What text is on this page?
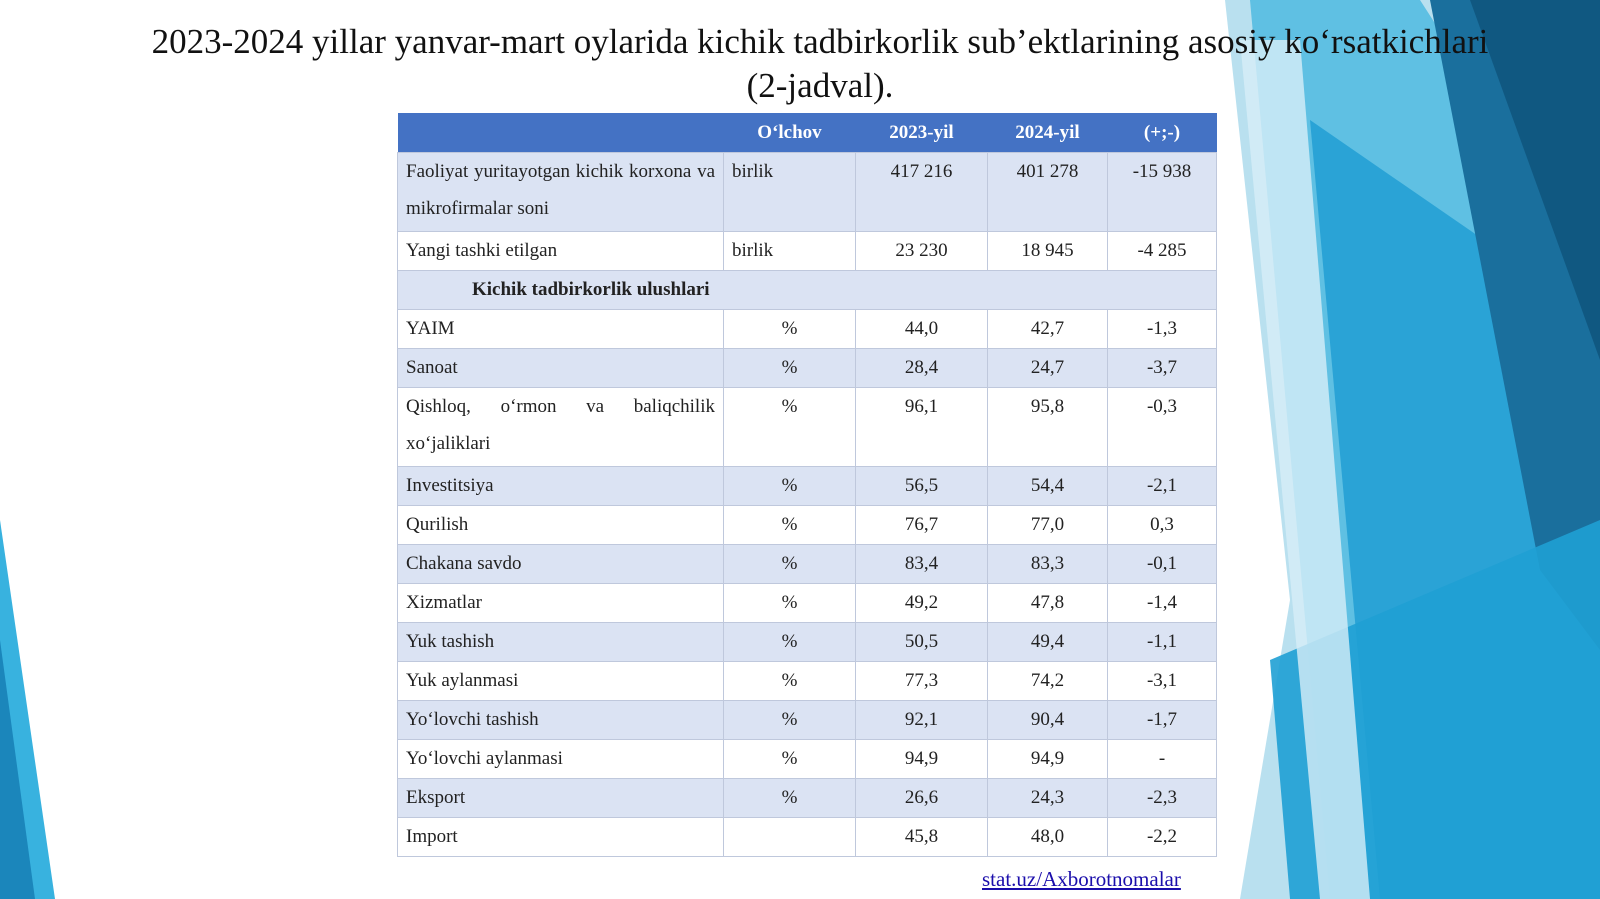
2023-2024 yillar yanvar-mart oylarida kichik tadbirkorlik sub’ektlarining asosiy ko‘rsatkichlari
(2-jadval).
	O‘lchov	2023-yil	2024-yil	(+;-)
Faoliyat yuritayotgan kichik korxona va mikrofirmalar soni	birlik	417 216	401 278	-15 938
Yangi tashki etilgan	birlik	23 230	18 945	-4 285
Kichik tadbirkorlik ulushlari				
YAIM	%	44,0	42,7	-1,3
Sanoat	%	28,4	24,7	-3,7
Qishloq, o‘rmon va baliqchilik xo‘jaliklari	%	96,1	95,8	-0,3
Investitsiya	%	56,5	54,4	-2,1
Qurilish	%	76,7	77,0	0,3
Chakana savdo	%	83,4	83,3	-0,1
Xizmatlar	%	49,2	47,8	-1,4
Yuk tashish	%	50,5	49,4	-1,1
Yuk aylanmasi	%	77,3	74,2	-3,1
Yo‘lovchi tashish	%	92,1	90,4	-1,7
Yo‘lovchi aylanmasi	%	94,9	94,9	-
Eksport	%	26,6	24,3	-2,3
Import		45,8	48,0	-2,2
stat.uz/Axborotnomalar
